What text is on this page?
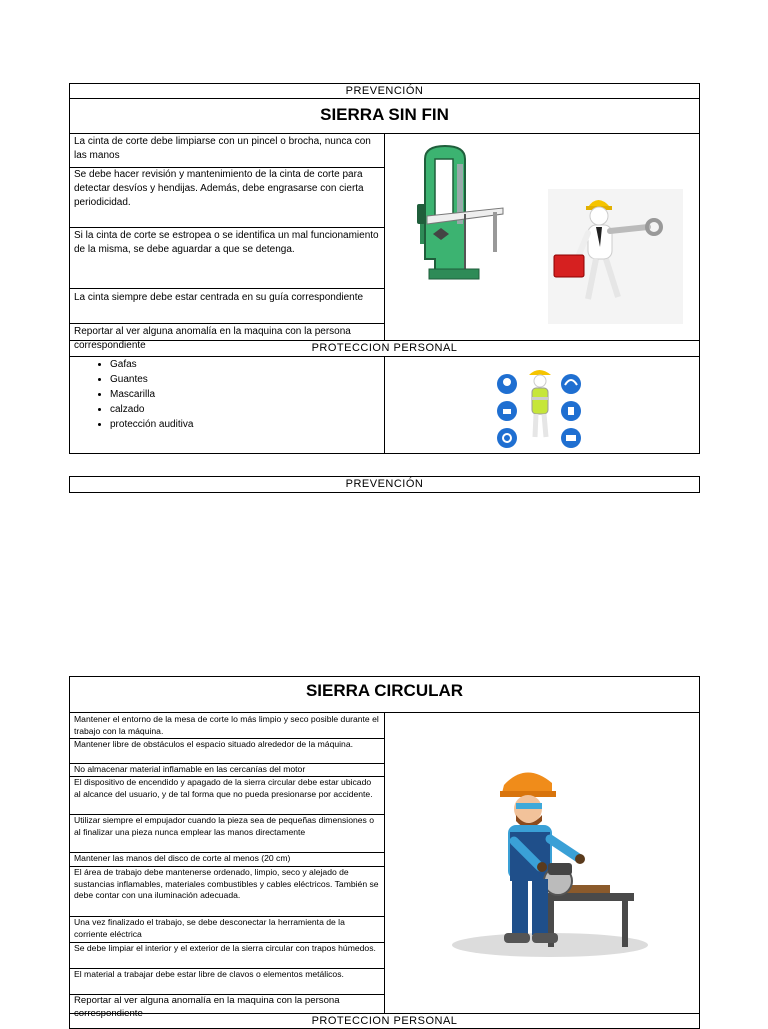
PREVENCIÓN
SIERRA SIN FIN
La cinta de corte debe limpiarse con un pincel o brocha, nunca con las manos
Se debe hacer revisión y mantenimiento de la cinta de corte para detectar desvíos y hendijas. Además, debe engrasarse con cierta periodicidad.
Si la cinta de corte se estropea o se identifica un mal funcionamiento de la misma, se debe aguardar a que se detenga.
La cinta siempre debe estar centrada en su guía correspondiente
Reportar al ver alguna anomalía en la maquina con la persona correspondiente	PROTECCION PERSONAL
• Gafas
• Guantes
• Mascarilla
• calzado
• protección auditiva
PREVENCIÓN
SIERRA CIRCULAR
Mantener el entorno de la mesa de corte lo más limpio y seco posible durante el trabajo con la máquina.
Mantener libre de obstáculos el espacio situado alrededor de la máquina.
No almacenar material inflamable en las cercanías del motor
El dispositivo de encendido y apagado de la sierra circular debe estar ubicado al alcance del usuario, y de tal forma que no pueda presionarse por accidente.
Utilizar siempre el empujador cuando la pieza sea de pequeñas dimensiones o al finalizar una pieza nunca emplear las manos directamente
Mantener las manos del disco de corte al menos (20 cm)
El área de trabajo debe mantenerse ordenado, limpio, seco y alejado de sustancias inflamables, materiales combustibles y cables eléctricos. También se debe contar con una iluminación adecuada.
Una vez finalizado el trabajo, se debe desconectar la herramienta de la corriente eléctrica
Se debe limpiar el interior y el exterior de la sierra circular con trapos húmedos.
El material a trabajar debe estar libre de clavos o elementos metálicos.
Reportar al ver alguna anomalía en la maquina con la persona correspondiente
PROTECCION PERSONAL
